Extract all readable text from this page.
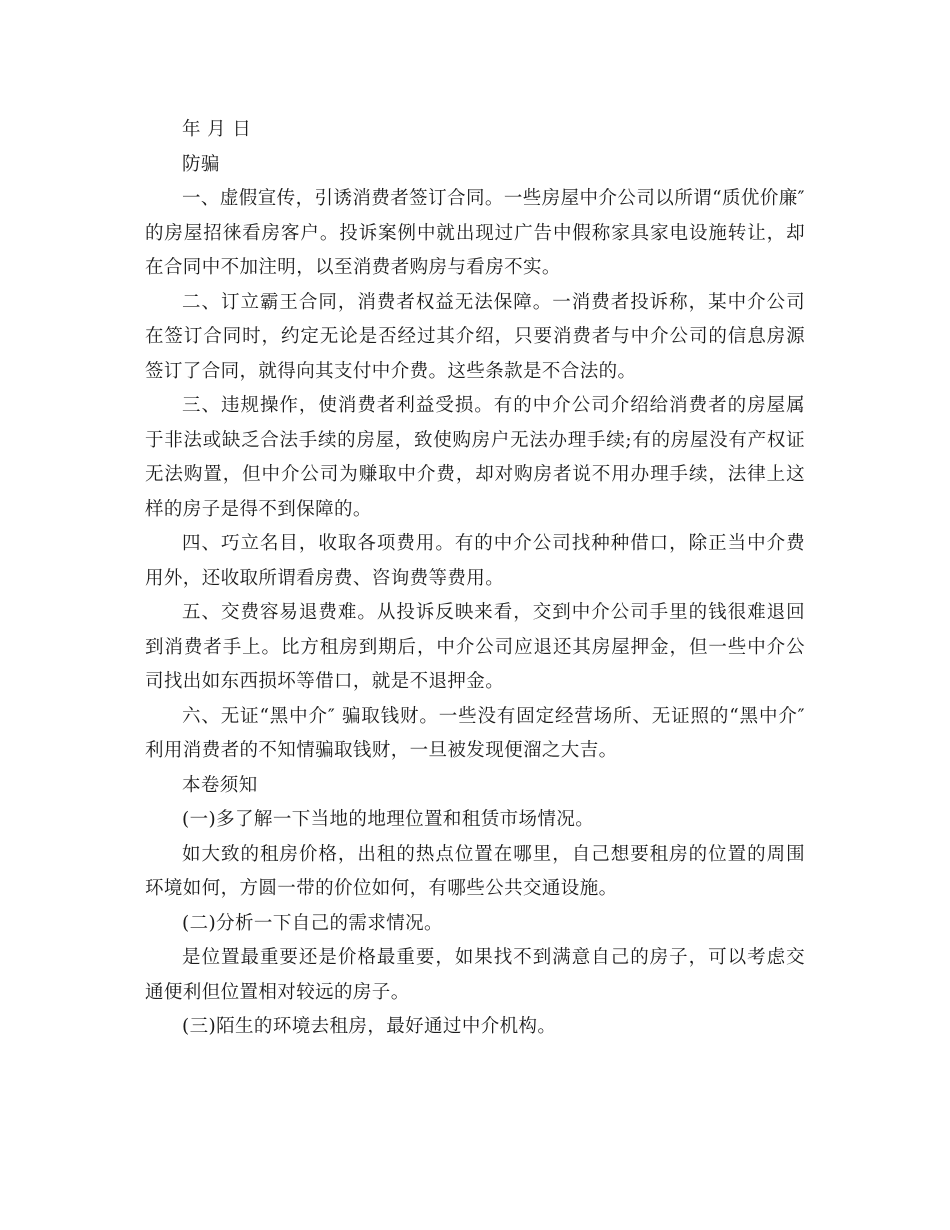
年 月 日

防骗

一、虚假宣传，引诱消费者签订合同。一些房屋中介公司以所谓“质优价廉″的房屋招徕看房客户。投诉案例中就出现过广告中假称家具家电设施转让，却在合同中不加注明，以至消费者购房与看房不实。

二、订立霸王合同，消费者权益无法保障。一消费者投诉称，某中介公司在签订合同时，约定无论是否经过其介绍，只要消费者与中介公司的信息房源签订了合同，就得向其支付中介费。这些条款是不合法的。

三、违规操作，使消费者利益受损。有的中介公司介绍给消费者的房屋属于非法或缺乏合法手续的房屋，致使购房户无法办理手续;有的房屋没有产权证无法购置，但中介公司为赚取中介费，却对购房者说不用办理手续，法律上这样的房子是得不到保障的。

四、巧立名目，收取各项费用。有的中介公司找种种借口，除正当中介费用外，还收取所谓看房费、咨询费等费用。

五、交费容易退费难。从投诉反映来看，交到中介公司手里的钱很难退回到消费者手上。比方租房到期后，中介公司应退还其房屋押金，但一些中介公司找出如东西损坏等借口，就是不退押金。

六、无证“黑中介″ 骗取钱财。一些没有固定经营场所、无证照的“黑中介″利用消费者的不知情骗取钱财，一旦被发现便溜之大吉。

本卷须知

(一)多了解一下当地的地理位置和租赁市场情况。

如大致的租房价格，出租的热点位置在哪里，自己想要租房的位置的周围环境如何，方圆一带的价位如何，有哪些公共交通设施。

(二)分析一下自己的需求情况。

是位置最重要还是价格最重要，如果找不到满意自己的房子，可以考虑交通便利但位置相对较远的房子。

(三)陌生的环境去租房，最好通过中介机构。
